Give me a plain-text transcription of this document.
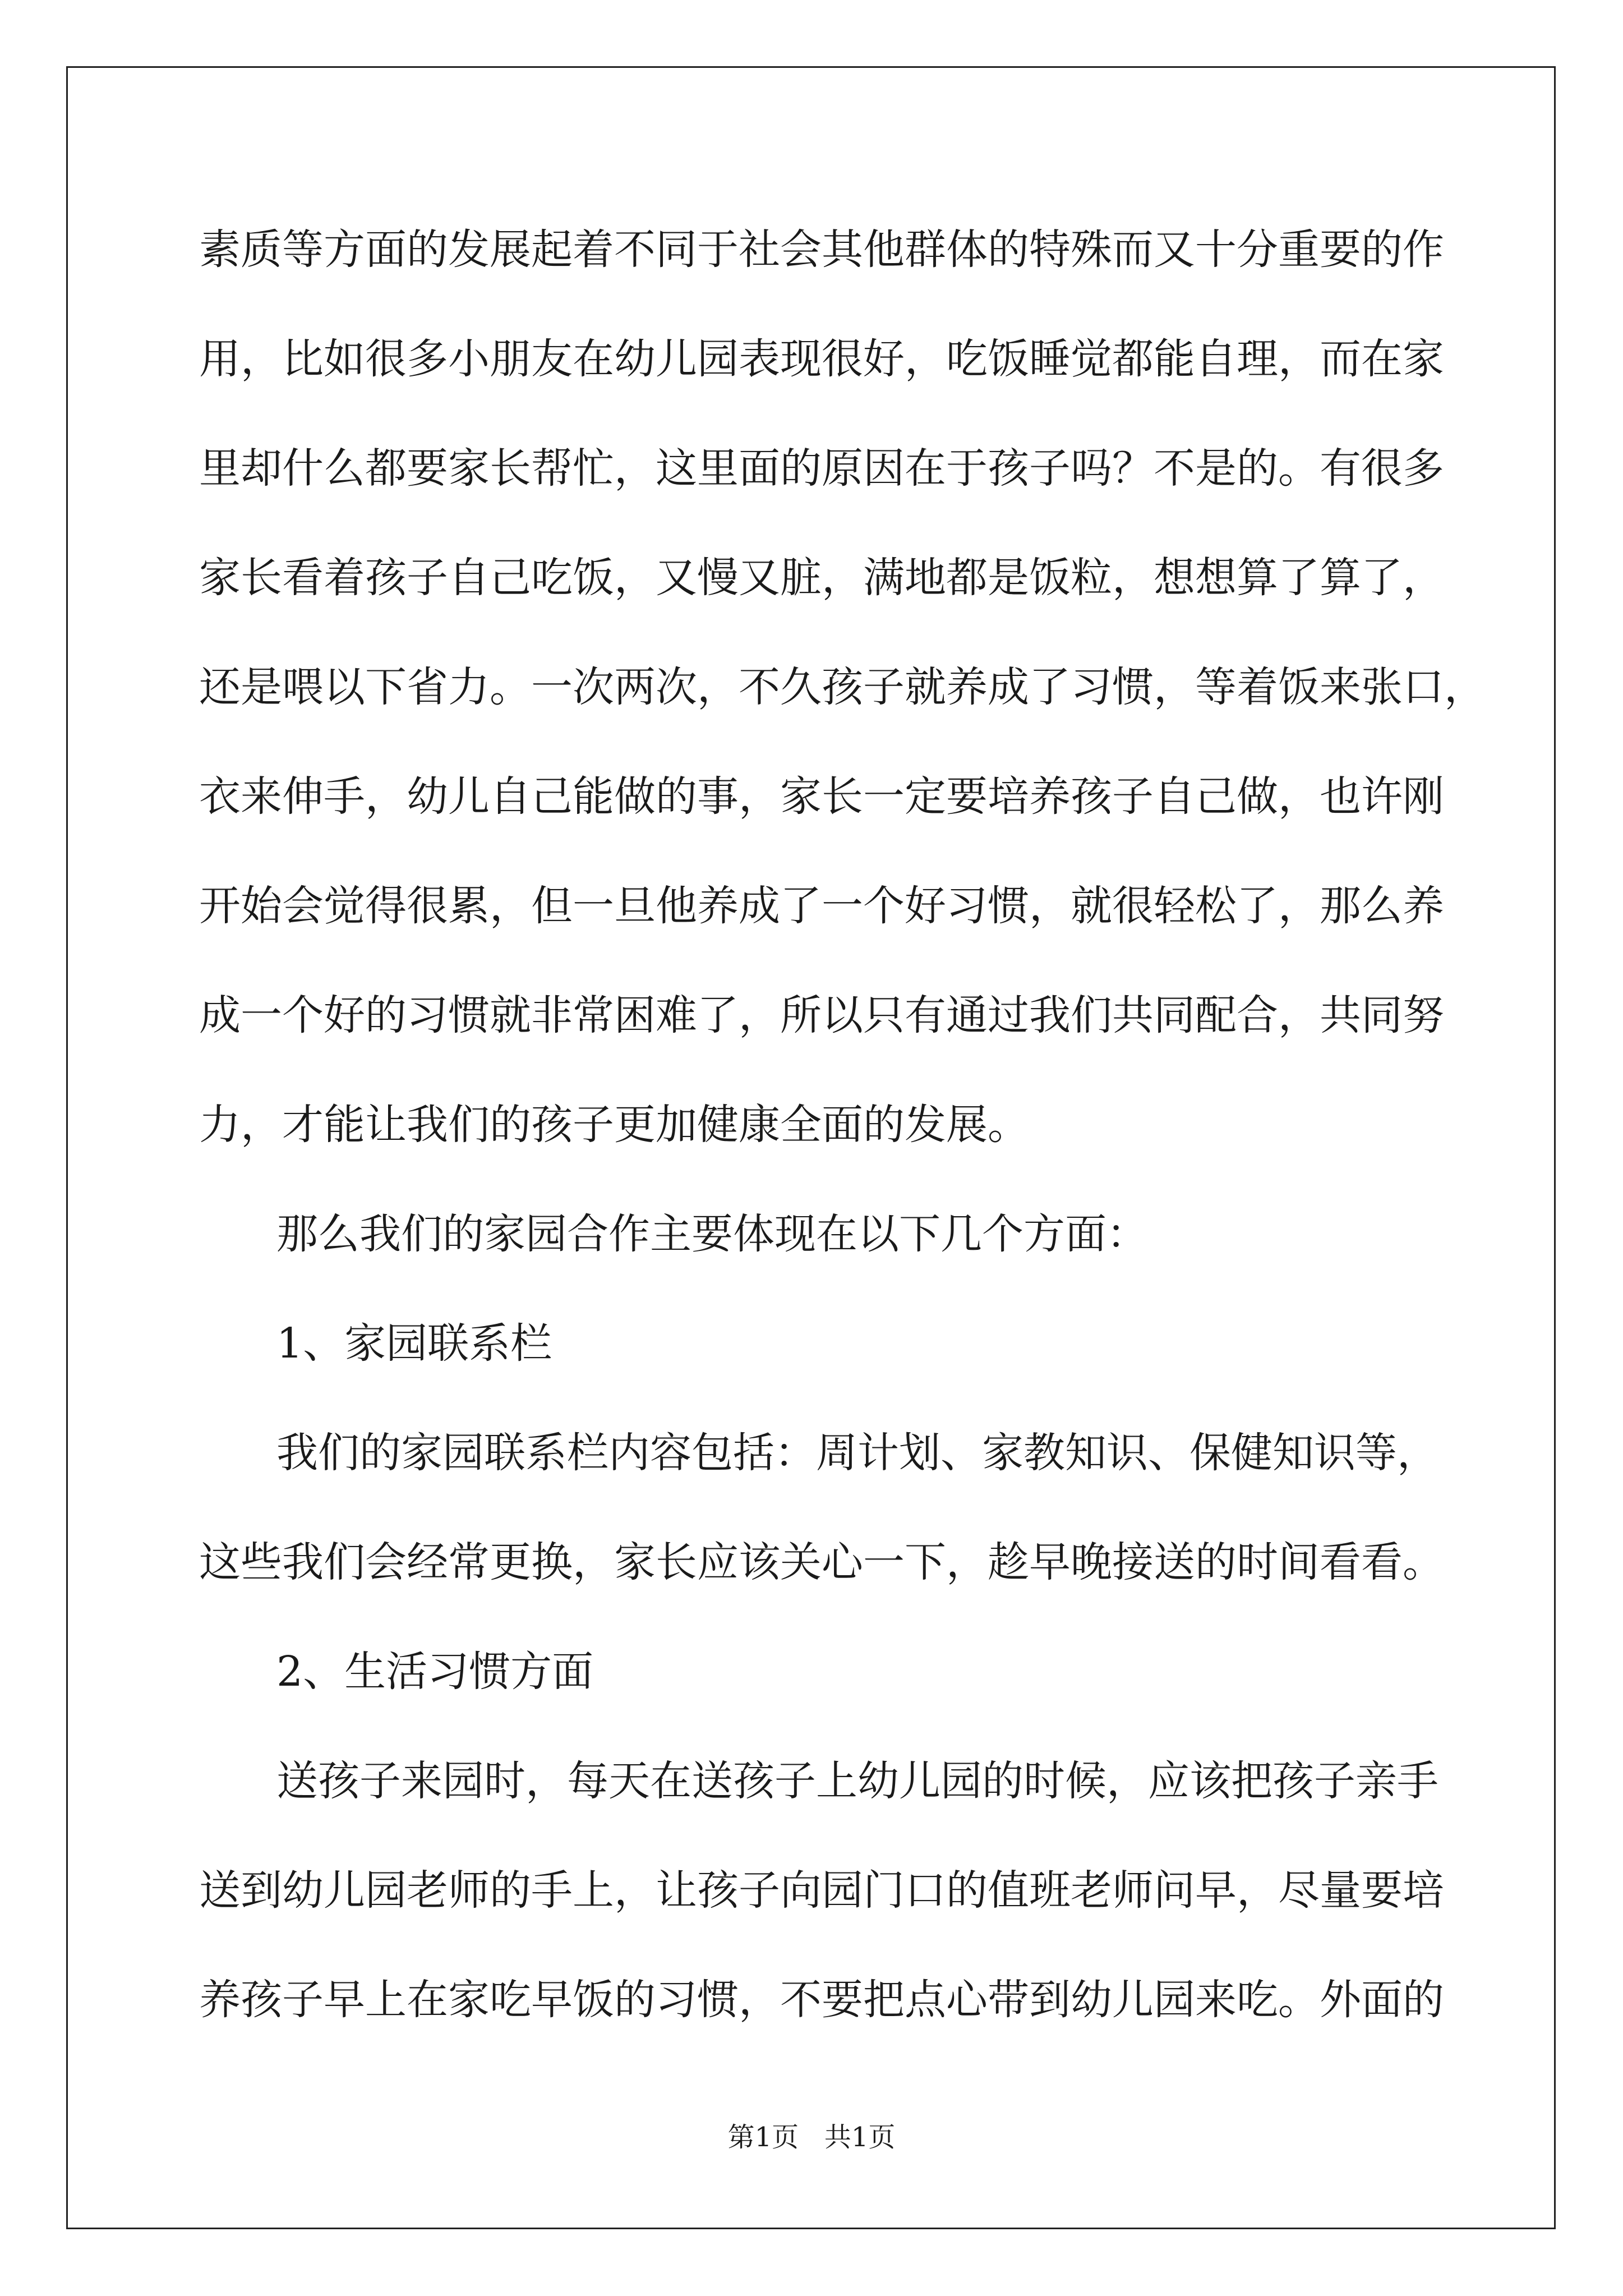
素质等方面的发展起着不同于社会其他群体的特殊而又十分重要的作

用，比如很多小朋友在幼儿园表现很好，吃饭睡觉都能自理，而在家

里却什么都要家长帮忙，这里面的原因在于孩子吗？不是的。有很多

家长看着孩子自己吃饭，又慢又脏，满地都是饭粒，想想算了算了，

还是喂以下省力。一次两次，不久孩子就养成了习惯，等着饭来张口，

衣来伸手，幼儿自己能做的事，家长一定要培养孩子自己做，也许刚

开始会觉得很累，但一旦他养成了一个好习惯，就很轻松了，那么养

成一个好的习惯就非常困难了，所以只有通过我们共同配合，共同努

力，才能让我们的孩子更加健康全面的发展。

那么我们的家园合作主要体现在以下几个方面：

1、家园联系栏

我们的家园联系栏内容包括：周计划、家教知识、保健知识等，

这些我们会经常更换，家长应该关心一下，趁早晚接送的时间看看。

2、生活习惯方面

送孩子来园时，每天在送孩子上幼儿园的时候，应该把孩子亲手

送到幼儿园老师的手上，让孩子向园门口的值班老师问早，尽量要培

养孩子早上在家吃早饭的习惯，不要把点心带到幼儿园来吃。外面的

第1页   共1页
